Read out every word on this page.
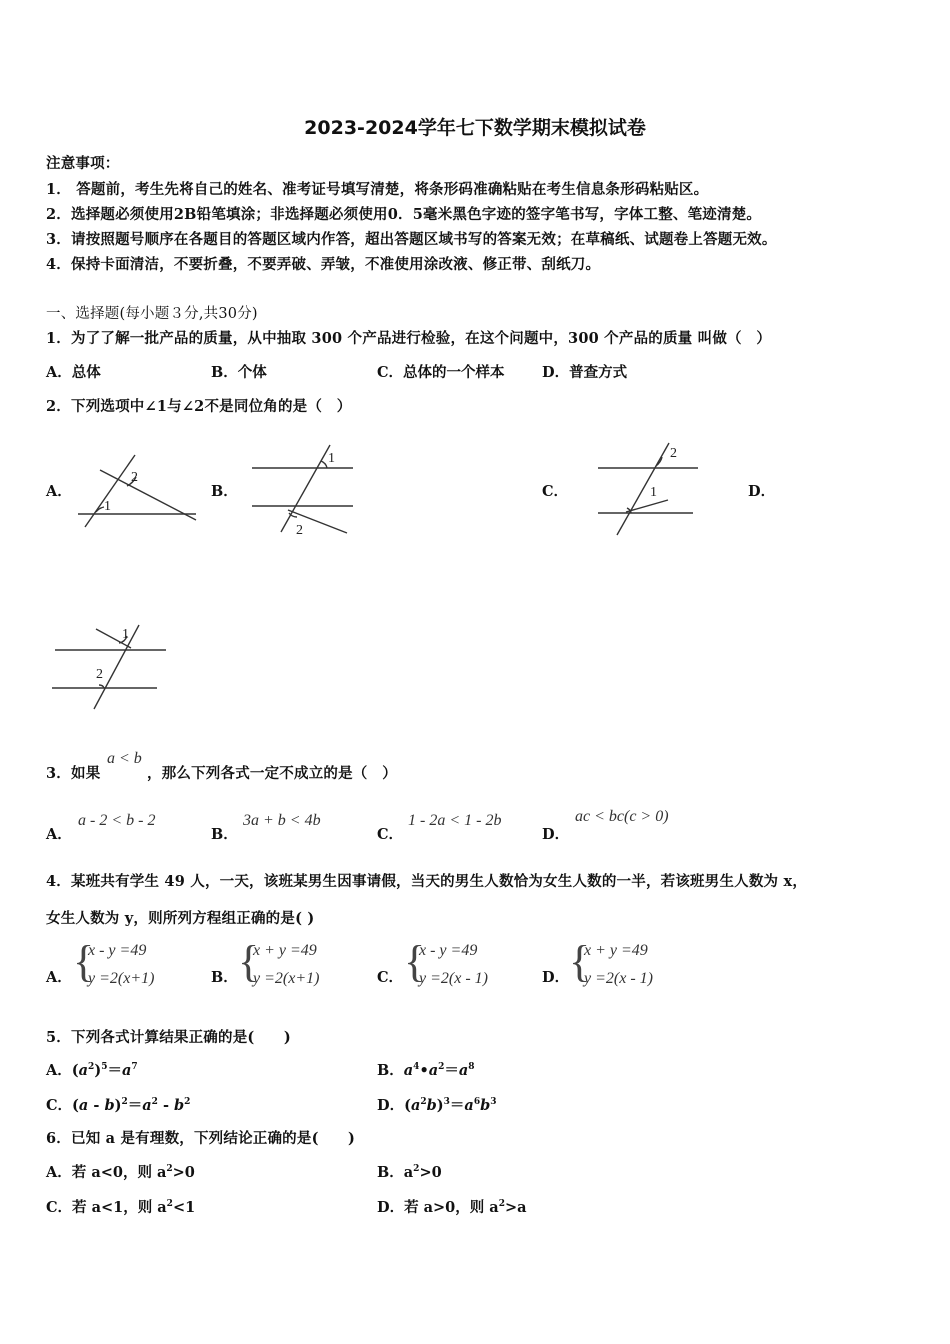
2023-2024学年七下数学期末模拟试卷
注意事项：
1． 答题前，考生先将自己的姓名、准考证号填写清楚，将条形码准确粘贴在考生信息条形码粘贴区。
2．选择题必须使用2B铅笔填涂；非选择题必须使用0．5毫米黑色字迹的签字笔书写，字体工整、笔迹清楚。
3．请按照题号顺序在各题目的答题区域内作答，超出答题区域书写的答案无效；在草稿纸、试题卷上答题无效。
4．保持卡面清洁，不要折叠，不要弄破、弄皱，不准使用涂改液、修正带、刮纸刀。
一、选择题(每小题３分,共30分)
1．为了了解一批产品的质量，从中抽取 300 个产品进行检验，在这个问题中，300 个产品的质量 叫做（　）
A．总体	B．个体	C．总体的一个样本	D．普查方式
2．下列选项中∠1与∠2不是同位角的是（　）
A．	B．	C．	D．
2
1
1
2
2
1
1
2
3．如果
a < b
，那么下列各式一定不成立的是（　）
A．
a - 2 < b - 2
B．
3a + b < 4b
C．
1 - 2a < 1 - 2b
D．
ac < bc(c > 0)
4．某班共有学生 49 人，一天，该班某男生因事请假，当天的男生人数恰为女生人数的一半，若该班男生人数为 x，
女生人数为 y，则所列方程组正确的是( )
A． {
x - y =49
y =2(x+1)	B． {
x + y =49
y =2(x+1)	C． {
x - y =49
y =2(x - 1)	D． {
x + y =49
y =2(x - 1)
5．下列各式计算结果正确的是(　　)
A．$(a^2)^5=a^7$	B．$a^4•a^2=a^8$
C．$(a - b)^2=a^2 - b^2$	D．$(a^2b)^3=a^6b^3$
6．已知 a 是有理数，下列结论正确的是(　　)
A．若 a<0，则 $a^2>0$	B．$a^2>0$
C．若 a<1，则 $a^2<1$	D．若 a>0，则 $a^2>a$
